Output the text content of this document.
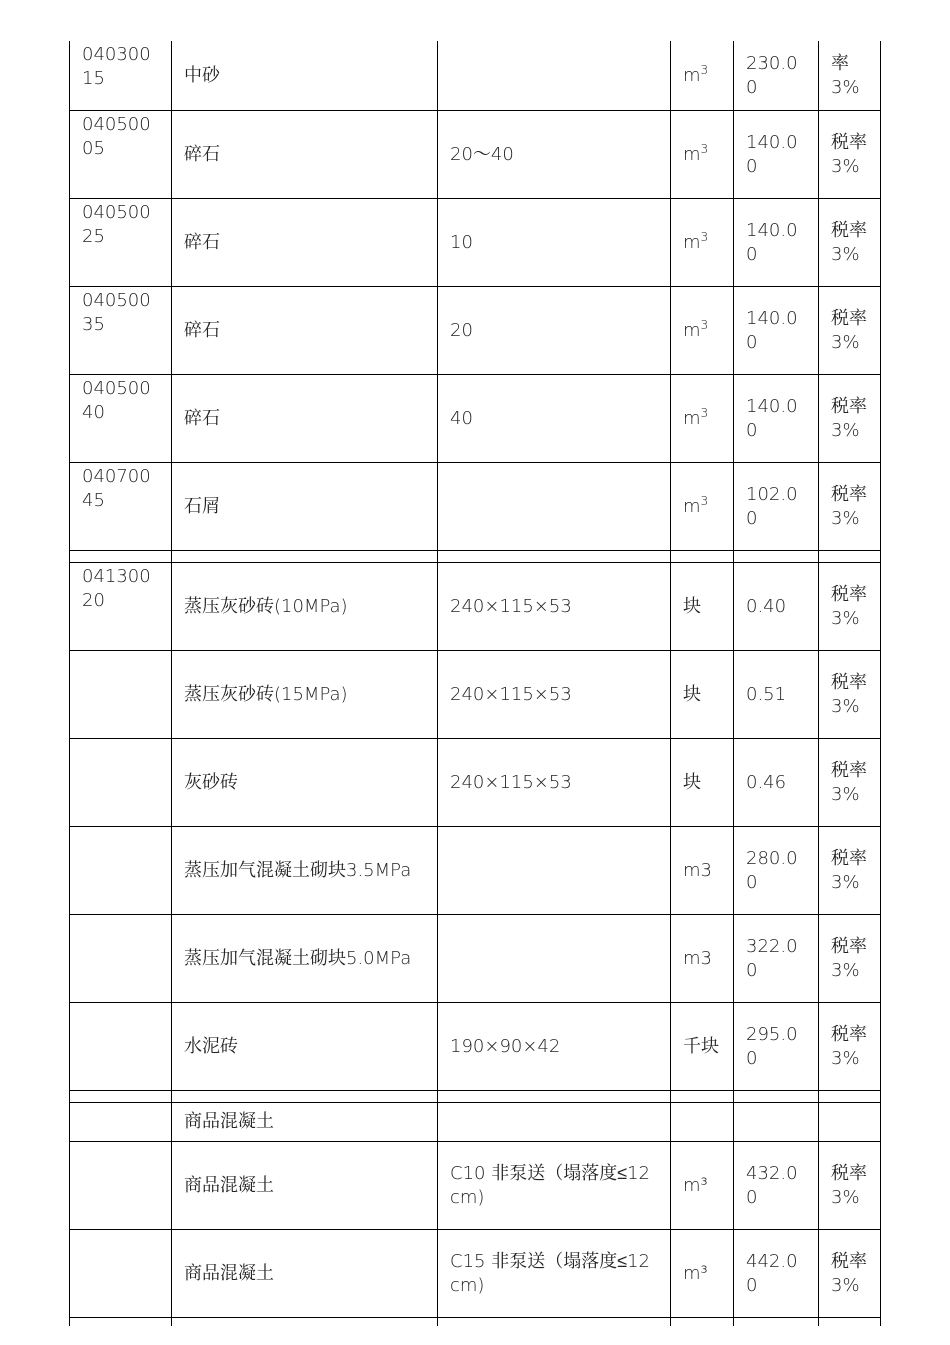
04030015	中砂		$m^3$	230.00	率3%
04050005	碎石	20～40	$m^3$	140.00	税率3%
04050025	碎石	10	$m^3$	140.00	税率3%
04050035	碎石	20	$m^3$	140.00	税率3%
04050040	碎石	40	$m^3$	140.00	税率3%
04070045	石屑		$m^3$	102.00	税率3%

04130020	蒸压灰砂砖(10MPa)	240×115×53	块	0.40	税率3%
	蒸压灰砂砖(15MPa)	240×115×53	块	0.51	税率3%
	灰砂砖	240×115×53	块	0.46	税率3%
	蒸压加气混凝土砌块3.5MPa		m3	280.00	税率3%
	蒸压加气混凝土砌块5.0MPa		m3	322.00	税率3%
	水泥砖	190×90×42	千块	295.00	税率3%

	商品混凝土				
	商品混凝土	C10 非泵送（塌落度≤12cm)	m³	432.00	税率3%
	商品混凝土	C15 非泵送（塌落度≤12cm)	m³	442.00	税率3%
